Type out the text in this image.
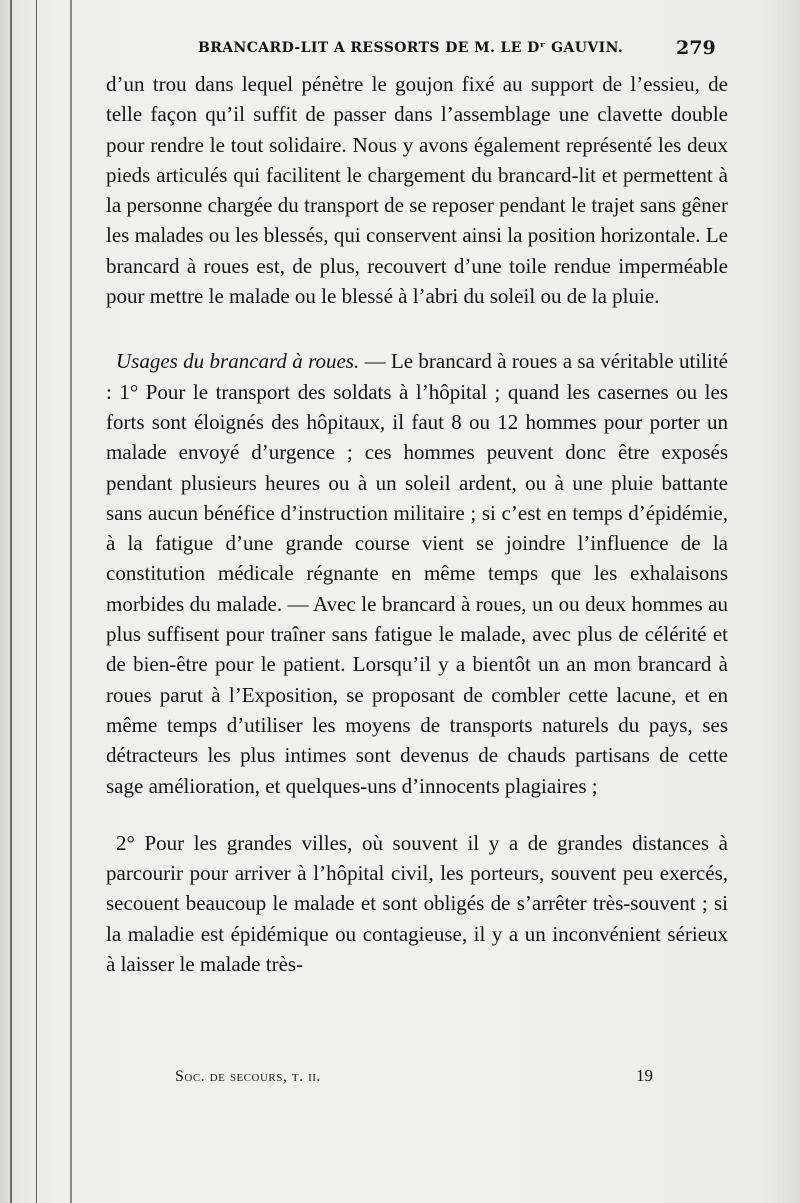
BRANCARD-LIT A RESSORTS DE M. LE Dʳ GAUVIN.	279

d’un trou dans lequel pénètre le goujon fixé au support de l’essieu, de telle façon qu’il suffit de passer dans l’assemblage une clavette double pour rendre le tout solidaire. Nous y avons également représenté les deux pieds articulés qui facilitent le chargement du brancard-lit et permettent à la personne chargée du transport de se reposer pendant le trajet sans gêner les malades ou les blessés, qui conservent ainsi la position horizontale. Le brancard à roues est, de plus, recouvert d’une toile rendue imperméable pour mettre le malade ou le blessé à l’abri du soleil ou de la pluie.

Usages du brancard à roues. — Le brancard à roues a sa véritable utilité : 1° Pour le transport des soldats à l’hôpital ; quand les casernes ou les forts sont éloignés des hôpitaux, il faut 8 ou 12 hommes pour porter un malade envoyé d’urgence ; ces hommes peuvent donc être exposés pendant plusieurs heures ou à un soleil ardent, ou à une pluie battante sans aucun bénéfice d’instruction militaire ; si c’est en temps d’épidémie, à la fatigue d’une grande course vient se joindre l’influence de la constitution médicale régnante en même temps que les exhalaisons morbides du malade. — Avec le brancard à roues, un ou deux hommes au plus suffisent pour traîner sans fatigue le malade, avec plus de célérité et de bien-être pour le patient. Lorsqu’il y a bientôt un an mon brancard à roues parut à l’Exposition, se proposant de combler cette lacune, et en même temps d’utiliser les moyens de transports naturels du pays, ses détracteurs les plus intimes sont devenus de chauds partisans de cette sage amélioration, et quelques-uns d’innocents plagiaires ;

2° Pour les grandes villes, où souvent il y a de grandes distances à parcourir pour arriver à l’hôpital civil, les porteurs, souvent peu exercés, secouent beaucoup le malade et sont obligés de s’arrêter très-souvent ; si la maladie est épidémique ou contagieuse, il y a un inconvénient sérieux à laisser le malade très-

Soc. de secours, t. ii.	19
